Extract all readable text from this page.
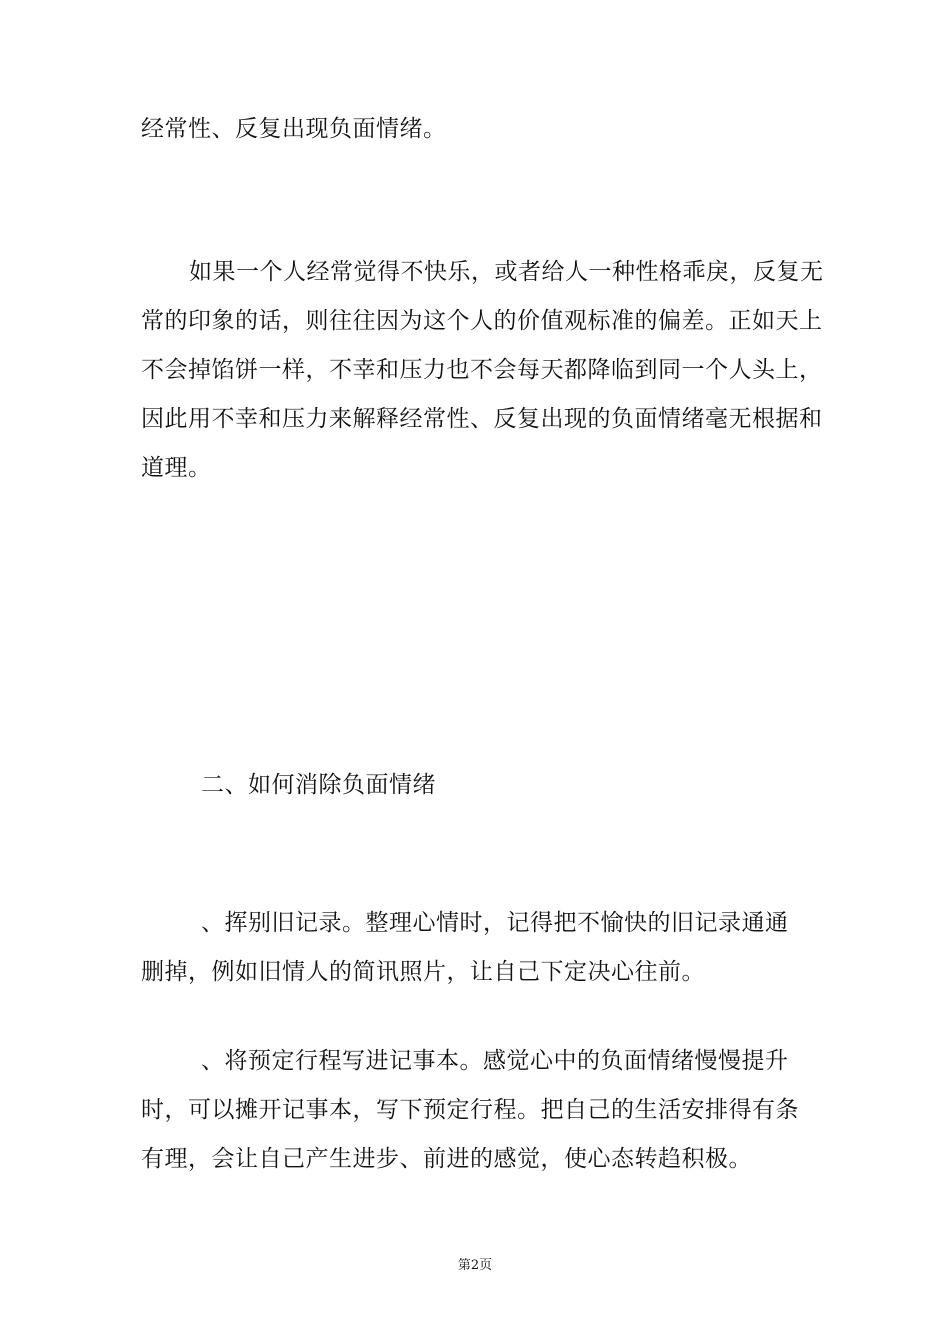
经常性、反复出现负面情绪。

如果一个人经常觉得不快乐，或者给人一种性格乖戾，反复无
常的印象的话，则往往因为这个人的价值观标准的偏差。正如天上
不会掉馅饼一样，不幸和压力也不会每天都降临到同一个人头上，
因此用不幸和压力来解释经常性、反复出现的负面情绪毫无根据和
道理。

二、如何消除负面情绪

、挥别旧记录。整理心情时，记得把不愉快的旧记录通通
删掉，例如旧情人的简讯照片，让自己下定决心往前。

、将预定行程写进记事本。感觉心中的负面情绪慢慢提升
时，可以摊开记事本，写下预定行程。把自己的生活安排得有条
有理，会让自己产生进步、前进的感觉，使心态转趋积极。

第2页
